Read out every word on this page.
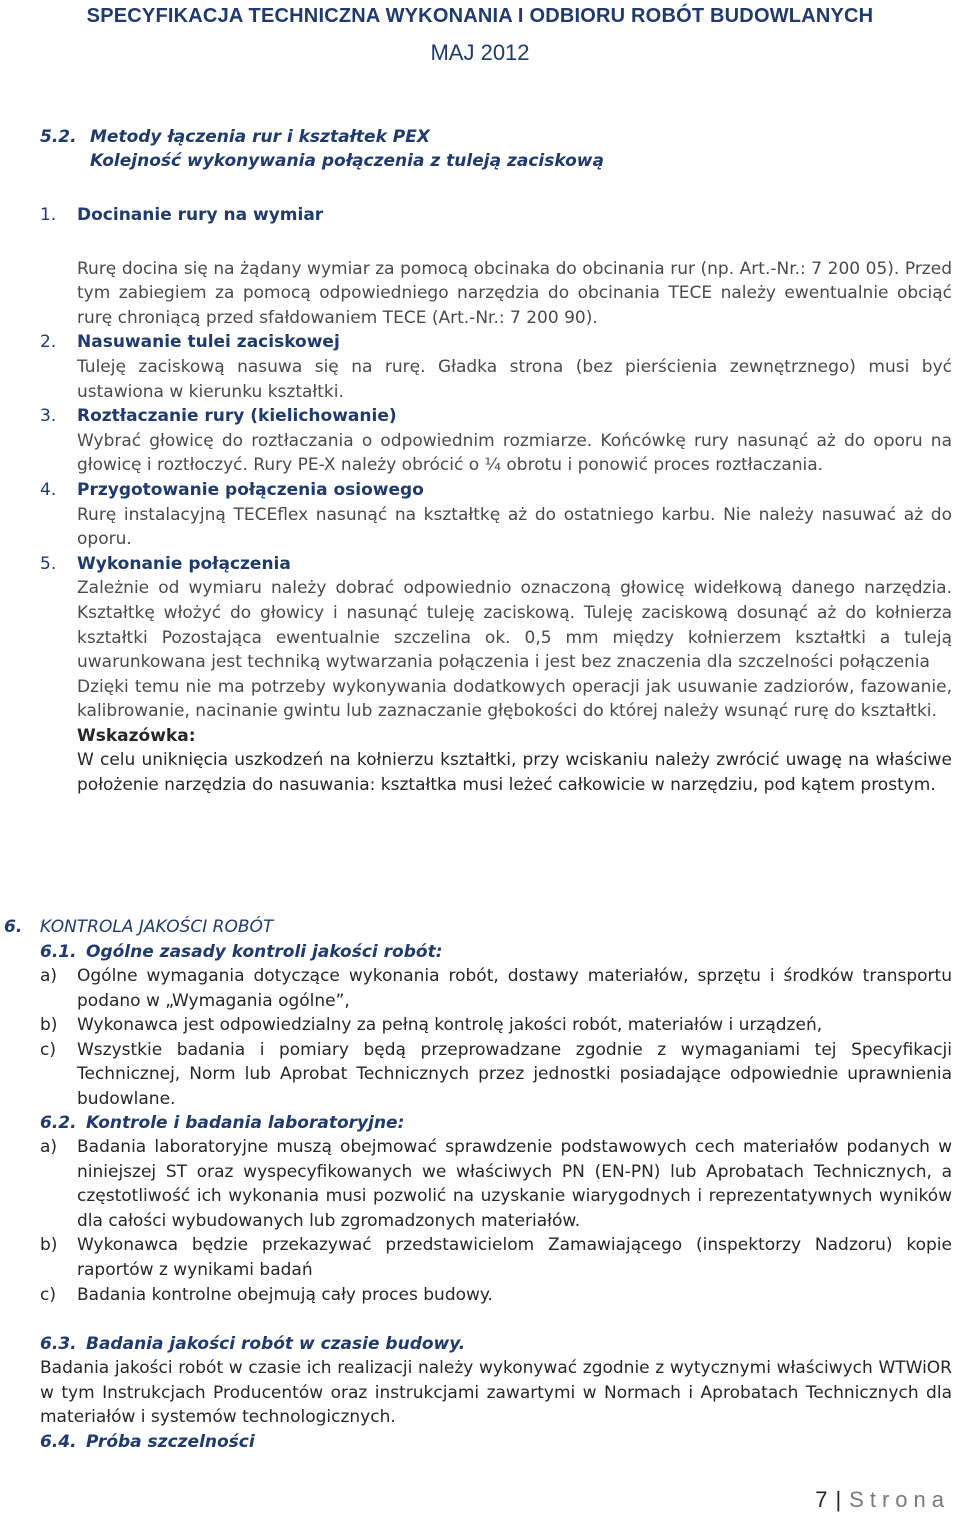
SPECYFIKACJA TECHNICZNA WYKONANIA I ODBIORU ROBÓT BUDOWLANYCH
MAJ 2012
5.2. Metody łączenia rur i kształtek PEX
Kolejność wykonywania połączenia z tuleją zaciskową
1. Docinanie rury na wymiar
Rurę docina się na żądany wymiar za pomocą obcinaka do obcinania rur (np. Art.-Nr.: 7 200 05). Przed tym zabiegiem za pomocą odpowiedniego narzędzia do obcinania TECE należy ewentualnie obciąć rurę chroniącą przed sfałdowaniem TECE (Art.-Nr.: 7 200 90).
2. Nasuwanie tulei zaciskowej
Tuleję zaciskową nasuwa się na rurę. Gładka strona (bez pierścienia zewnętrznego) musi być ustawiona w kierunku kształtki.
3. Roztłaczanie rury (kielichowanie)
Wybrać głowicę do roztłaczania o odpowiednim rozmiarze. Końcówkę rury nasunąć aż do oporu na głowicę i roztłoczyć. Rury PE-X należy obrócić o ¼ obrotu i ponowić proces roztłaczania.
4. Przygotowanie połączenia osiowego
Rurę instalacyjną TECEflex nasunąć na kształtkę aż do ostatniego karbu. Nie należy nasuwać aż do oporu.
5. Wykonanie połączenia
Zależnie od wymiaru należy dobrać odpowiednio oznaczoną głowicę widełkową danego narzędzia. Kształtkę włożyć do głowicy i nasunąć tuleję zaciskową. Tuleję zaciskową dosunąć aż do kołnierza kształtki Pozostająca ewentualnie szczelina ok. 0,5 mm między kołnierzem kształtki a tuleją uwarunkowana jest techniką wytwarzania połączenia i jest bez znaczenia dla szczelności połączenia
Dzięki temu nie ma potrzeby wykonywania dodatkowych operacji jak usuwanie zadziorów, fazowanie, kalibrowanie, nacinanie gwintu lub zaznaczanie głębokości do której należy wsunąć rurę do kształtki.
Wskazówka:
W celu uniknięcia uszkodzeń na kołnierzu kształtki, przy wciskaniu należy zwrócić uwagę na właściwe położenie narzędzia do nasuwania: kształtka musi leżeć całkowicie w narzędziu, pod kątem prostym.
6. KONTROLA JAKOŚCI ROBÓT
6.1. Ogólne zasady kontroli jakości robót:
a) Ogólne wymagania dotyczące wykonania robót, dostawy materiałów, sprzętu i środków transportu podano w „Wymagania ogólne”,
b) Wykonawca jest odpowiedzialny za pełną kontrolę jakości robót, materiałów i urządzeń,
c) Wszystkie badania i pomiary będą przeprowadzane zgodnie z wymaganiami tej Specyfikacji Technicznej, Norm lub Aprobat Technicznych przez jednostki posiadające odpowiednie uprawnienia budowlane.
6.2. Kontrole i badania laboratoryjne:
a) Badania laboratoryjne muszą obejmować sprawdzenie podstawowych cech materiałów podanych w niniejszej ST oraz wyspecyfikowanych we właściwych PN (EN-PN) lub Aprobatach Technicznych, a częstotliwość ich wykonania musi pozwolić na uzyskanie wiarygodnych i reprezentatywnych wyników dla całości wybudowanych lub zgromadzonych materiałów.
b) Wykonawca będzie przekazywać przedstawicielom Zamawiającego (inspektorzy Nadzoru) kopie raportów z wynikami badań
c) Badania kontrolne obejmują cały proces budowy.
6.3. Badania jakości robót w czasie budowy.

Badania jakości robót w czasie ich realizacji należy wykonywać zgodnie z wytycznymi właściwych WTWiOR w tym Instrukcjach Producentów oraz instrukcjami zawartymi w Normach i Aprobatach Technicznych dla materiałów i systemów technologicznych.

6.4. Próba szczelności
7 | Strona
